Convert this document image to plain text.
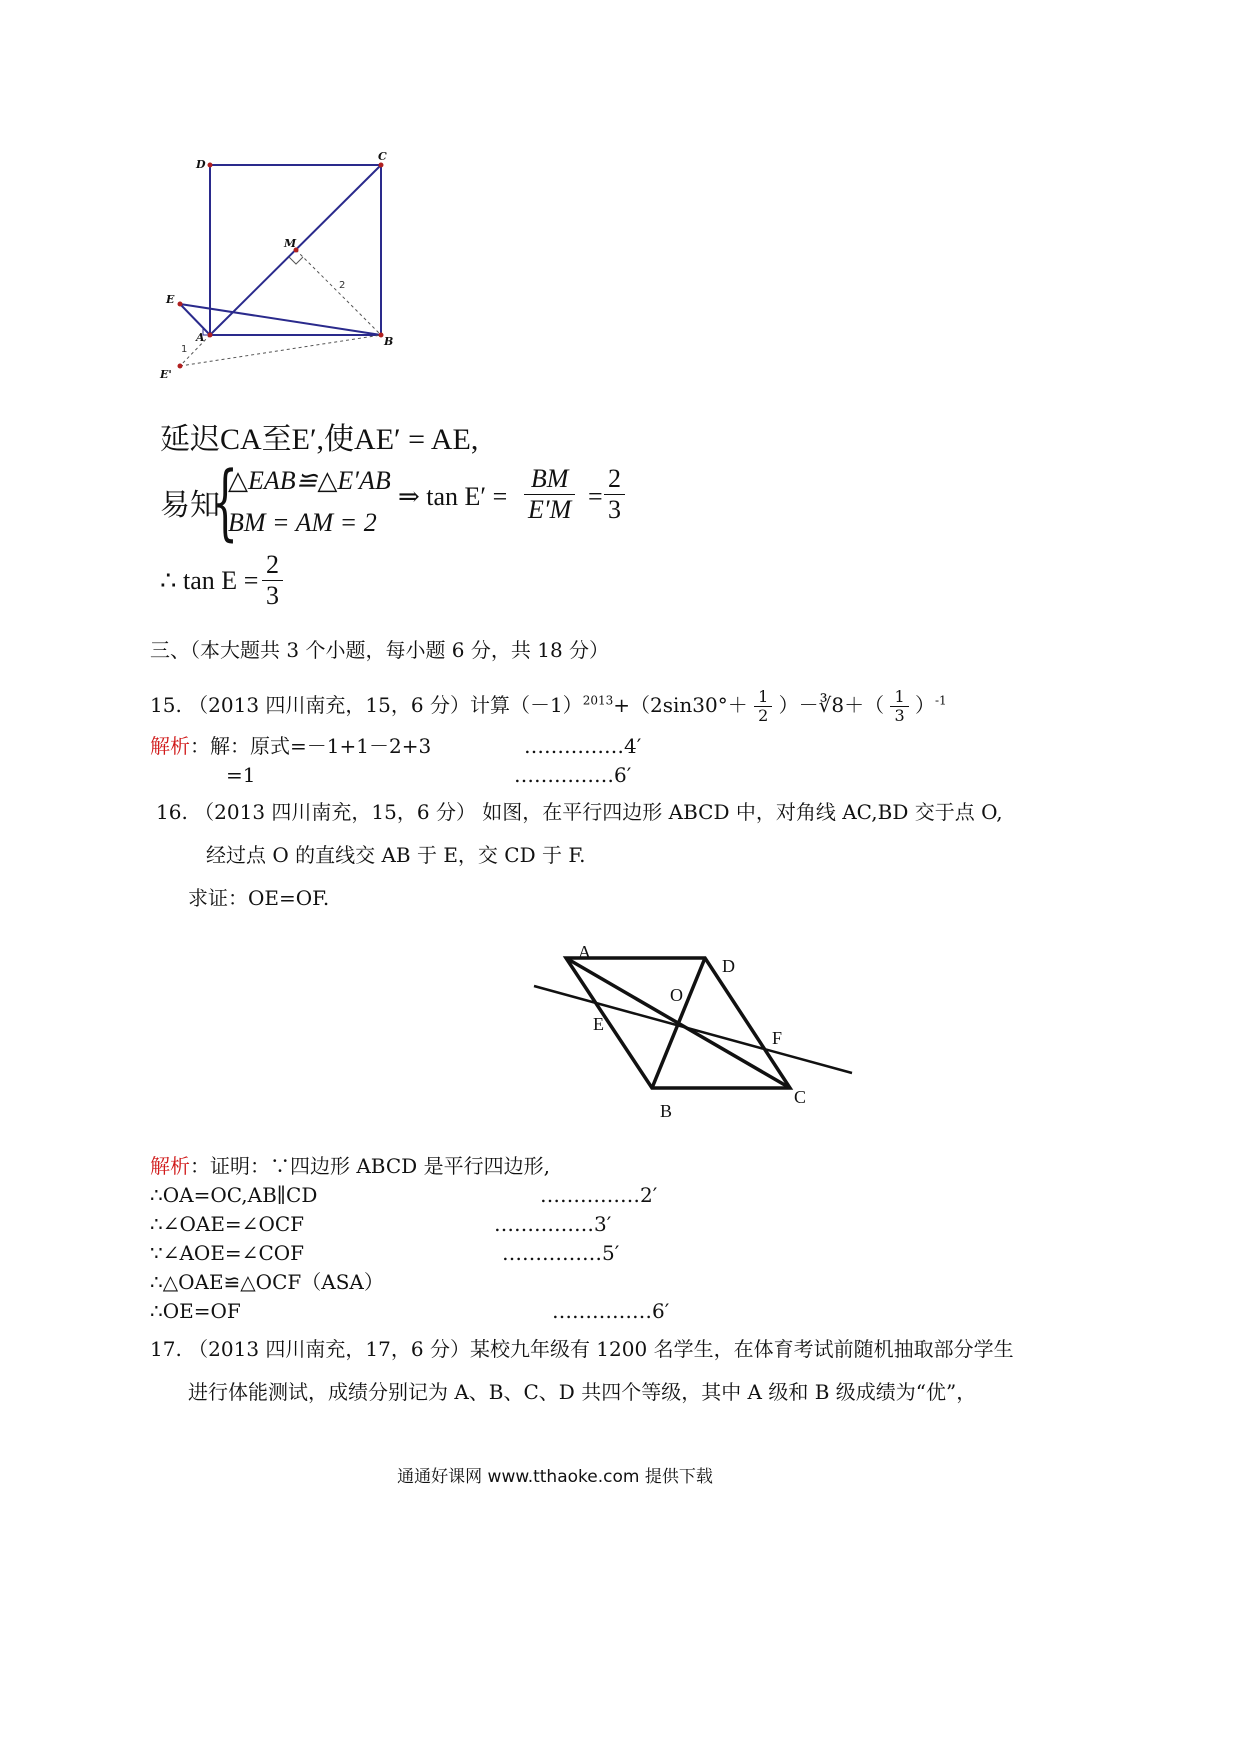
D
C
M
E
A	B
E'
1
2
延迟CA至E′,使AE′ = AE,
易知
{
△EAB≌△E′AB
BM = AM = 2
⇒ $\tan E' = \frac{BM}{E'M} = \frac{2}{3}$
∴ $\tan E = \frac{2}{3}$
三、（本大题共 3 个小题，每小题 6 分，共 18 分）
15. （2013 四川南充，15，6 分）计算$(-1)^{2013}+(2\sin 30^\circ+ \frac{1}{2}$ ）－∛8＋（ $\frac{1}{3} )^{-1}$
解析：解：原式=－1+1－2+3	……………4′
=1	……………6′
16. （2013 四川南充，15，6 分） 如图，在平行四边形 ABCD 中，对角线 AC,BD 交于点 O,
经过点 O 的直线交 AB 于 E，交 CD 于 F.
求证：OE=OF.
A
D
O
E
F
B
C
解析：证明：∵四边形 ABCD 是平行四边形,
∴OA=OC,AB∥CD	……………2′
∴∠OAE=∠OCF	……………3′
∵∠AOE=∠COF	……………5′
∴△OAE≌△OCF（ASA）
∴OE=OF	……………6′
17. （2013 四川南充，17，6 分）某校九年级有 1200 名学生，在体育考试前随机抽取部分学生
进行体能测试，成绩分别记为 A、B、C、D 共四个等级，其中 A 级和 B 级成绩为“优”，
通通好课网 www.tthaoke.com 提供下载
